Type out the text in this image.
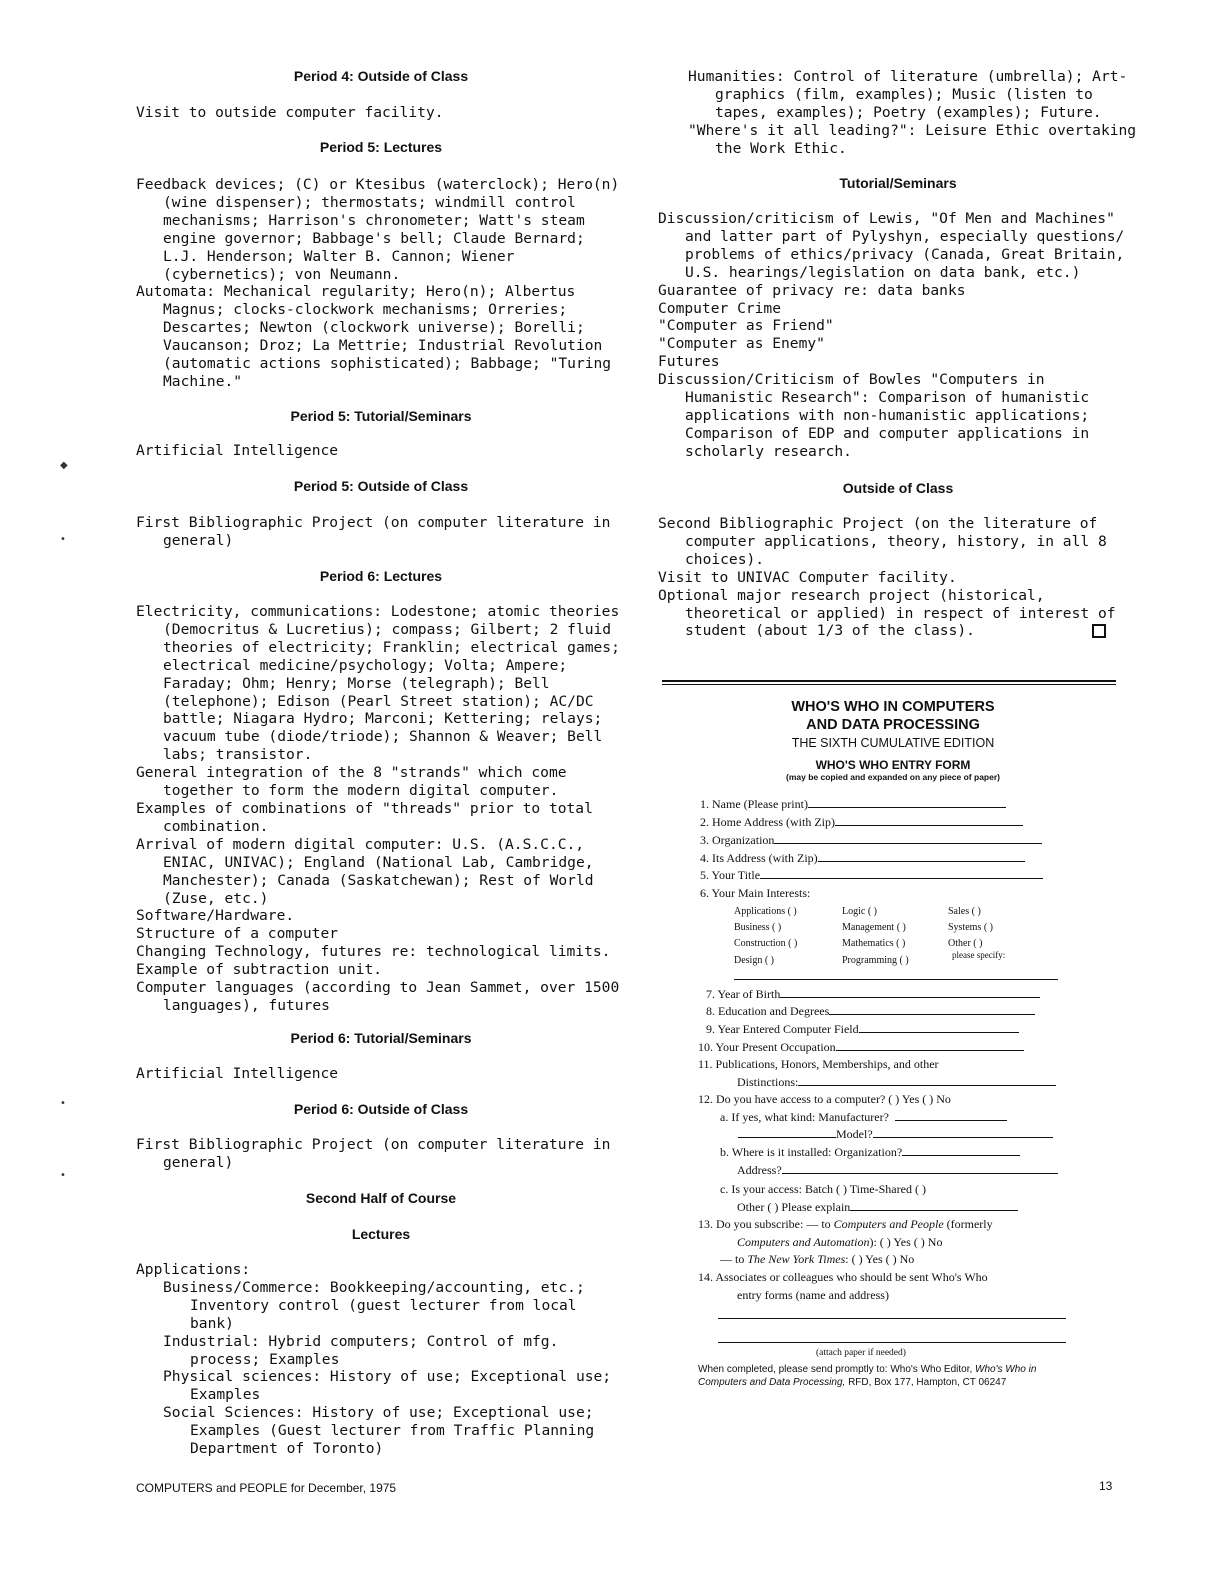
Period 4: Outside of Class

Visit to outside computer facility.

Period 5: Lectures

Feedback devices; (C) or Ktesibus (waterclock); Hero(n) (wine dispenser); thermostats; windmill control mechanisms; Harrison's chronometer; Watt's steam engine governor; Babbage's bell; Claude Bernard; L.J. Henderson; Walter B. Cannon; Wiener (cybernetics); von Neumann.

Automata: Mechanical regularity; Hero(n); Albertus Magnus; clocks-clockwork mechanisms; Orreries; Descartes; Newton (clockwork universe); Borelli; Vaucanson; Droz; La Mettrie; Industrial Revolution (automatic actions sophisticated); Babbage; "Turing Machine."

Period 5: Tutorial/Seminars

Artificial Intelligence

Period 5: Outside of Class

First Bibliographic Project (on computer literature in general)

Period 6: Lectures

Electricity, communications: Lodestone; atomic theories (Democritus & Lucretius); compass; Gilbert; 2 fluid theories of electricity; Franklin; electrical games; electrical medicine/psychology; Volta; Ampere; Faraday; Ohm; Henry; Morse (telegraph); Bell (telephone); Edison (Pearl Street station); AC/DC battle; Niagara Hydro; Marconi; Kettering; relays; vacuum tube (diode/triode); Shannon & Weaver; Bell labs; transistor.

General integration of the 8 "strands" which come together to form the modern digital computer.

Examples of combinations of "threads" prior to total combination.

Arrival of modern digital computer: U.S. (A.S.C.C., ENIAC, UNIVAC); England (National Lab, Cambridge, Manchester); Canada (Saskatchewan); Rest of World (Zuse, etc.)

Software/Hardware.

Structure of a computer

Changing Technology, futures re: technological limits.

Example of subtraction unit.

Computer languages (according to Jean Sammet, over 1500 languages), futures

Period 6: Tutorial/Seminars

Artificial Intelligence

Period 6: Outside of Class

First Bibliographic Project (on computer literature in general)

Second Half of Course
Lectures

Applications:

Business/Commerce: Bookkeeping/accounting, etc.; Inventory control (guest lecturer from local bank)

Industrial: Hybrid computers; Control of mfg. process; Examples

Physical sciences: History of use; Exceptional use; Examples

Social Sciences: History of use; Exceptional use; Examples (Guest lecturer from Traffic Planning Department of Toronto)

Humanities: Control of literature (umbrella); Art-graphics (film, examples); Music (listen to tapes, examples); Poetry (examples); Future.

"Where's it all leading?": Leisure Ethic overtaking the Work Ethic.

Tutorial/Seminars

Discussion/criticism of Lewis, "Of Men and Machines" and latter part of Pylyshyn, especially questions/ problems of ethics/privacy (Canada, Great Britain, U.S. hearings/legislation on data bank, etc.)

Guarantee of privacy re: data banks

Computer Crime

"Computer as Friend"

"Computer as Enemy"

Futures

Discussion/Criticism of Bowles "Computers in Humanistic Research": Comparison of humanistic applications with non-humanistic applications; Comparison of EDP and computer applications in scholarly research.

Outside of Class

Second Bibliographic Project (on the literature of computer applications, theory, history, in all 8 choices).

Visit to UNIVAC Computer facility.

Optional major research project (historical, theoretical or applied) in respect of interest of student (about 1/3 of the class).

WHO'S WHO IN COMPUTERS
AND DATA PROCESSING
THE SIXTH CUMULATIVE EDITION
WHO'S WHO ENTRY FORM
(may be copied and expanded on any piece of paper)
1. Name (Please print)
2. Home Address (with Zip)
3. Organization
4. Its Address (with Zip)
5. Your Title
6. Your Main Interests:
Applications ( )
Business ( )
Construction ( )
Design ( )
Logic ( )
Management ( )
Mathematics ( )
Programming ( )
Sales ( )
Systems ( )
Other ( )
please specify:
7. Year of Birth
8. Education and Degrees
9. Year Entered Computer Field
10. Your Present Occupation
11. Publications, Honors, Memberships, and other
Distinctions:
12. Do you have access to a computer? ( ) Yes ( ) No
a. If yes, what kind: Manufacturer?
Model?
b. Where is it installed: Organization?
Address?
c. Is your access: Batch ( ) Time-Shared ( )
Other ( ) Please explain
13. Do you subscribe: — to Computers and People (formerly
Computers and Automation): ( ) Yes ( ) No
— to The New York Times: ( ) Yes ( ) No
14. Associates or colleagues who should be sent Who's Who
entry forms (name and address)
(attach paper if needed)
When completed, please send promptly to: Who's Who Editor, Who's Who in Computers and Data Processing, RFD, Box 177, Hampton, CT 06247
COMPUTERS and PEOPLE for December, 1975	13
◆
•
•
•
